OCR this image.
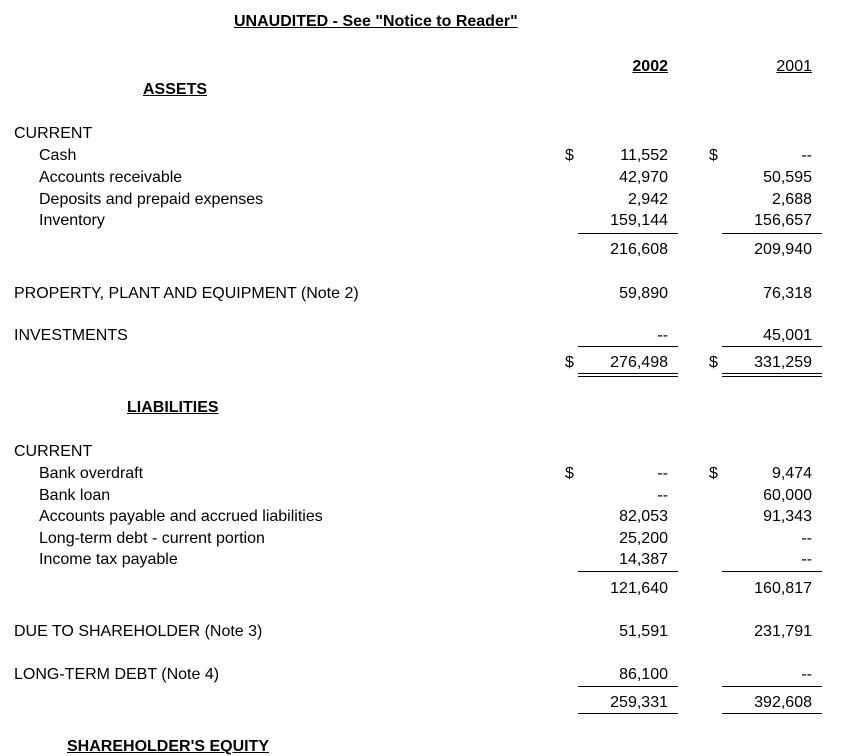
UNAUDITED - See "Notice to Reader"
2002	2001
ASSETS
CURRENT
Cash	$	11,552	$	--
Accounts receivable	42,970	50,595
Deposits and prepaid expenses	2,942	2,688
Inventory	159,144	156,657
216,608	209,940
PROPERTY, PLANT AND EQUIPMENT (Note 2)	59,890	76,318
INVESTMENTS	--	45,001
$ 276,498	$ 331,259
LIABILITIES
CURRENT
Bank overdraft	$	--	$	9,474
Bank loan	--	60,000
Accounts payable and accrued liabilities	82,053	91,343
Long-term debt - current portion	25,200	--
Income tax payable	14,387	--
121,640	160,817
DUE TO SHAREHOLDER (Note 3)	51,591	231,791
LONG-TERM DEBT (Note 4)	86,100	--
259,331	392,608
SHAREHOLDER'S EQUITY
